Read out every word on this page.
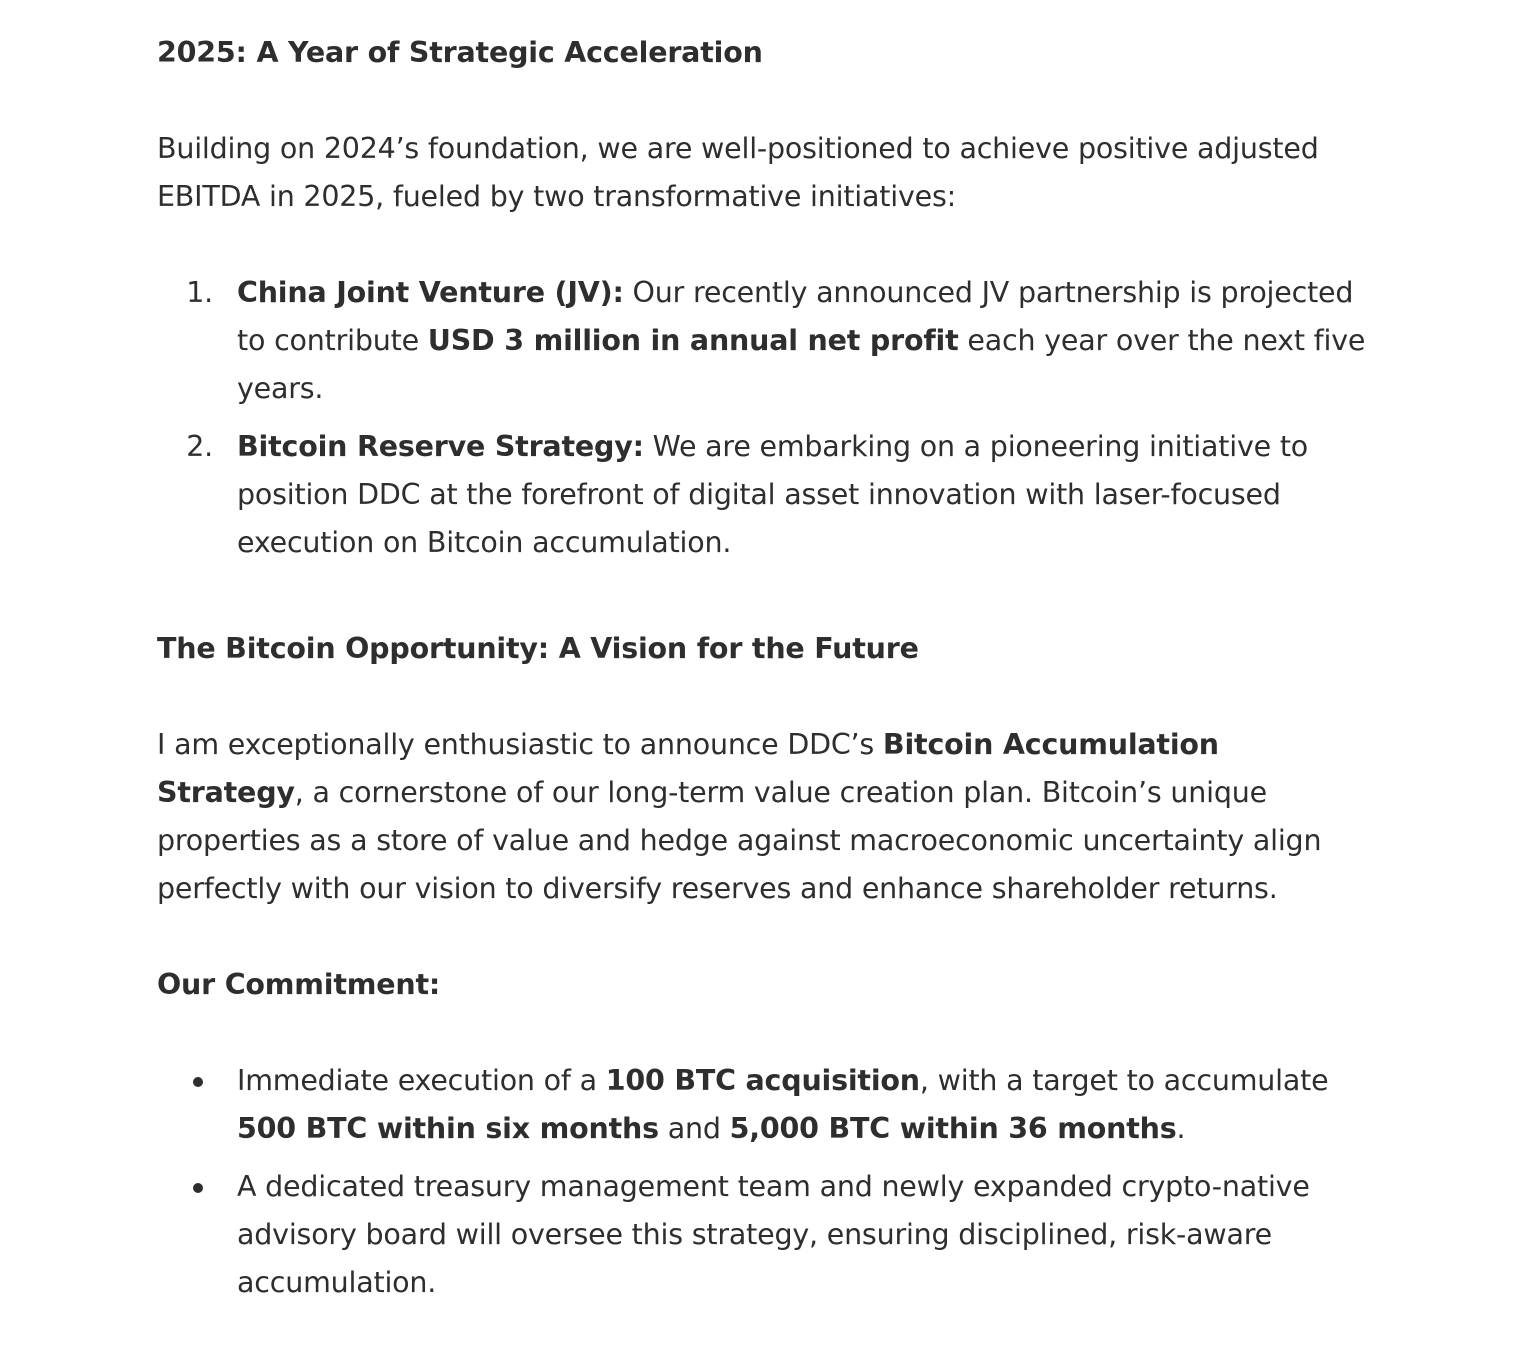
2025: A Year of Strategic Acceleration

Building on 2024’s foundation, we are well-positioned to achieve positive adjusted EBITDA in 2025, fueled by two transformative initiatives:

1. China Joint Venture (JV): Our recently announced JV partnership is projected to contribute USD 3 million in annual net profit each year over the next five years.
2. Bitcoin Reserve Strategy: We are embarking on a pioneering initiative to position DDC at the forefront of digital asset innovation with laser-focused execution on Bitcoin accumulation.

The Bitcoin Opportunity: A Vision for the Future

I am exceptionally enthusiastic to announce DDC’s Bitcoin Accumulation Strategy, a cornerstone of our long-term value creation plan. Bitcoin’s unique properties as a store of value and hedge against macroeconomic uncertainty align perfectly with our vision to diversify reserves and enhance shareholder returns.

Our Commitment:

Immediate execution of a 100 BTC acquisition, with a target to accumulate 500 BTC within six months and 5,000 BTC within 36 months.
A dedicated treasury management team and newly expanded crypto-native advisory board will oversee this strategy, ensuring disciplined, risk-aware accumulation.
